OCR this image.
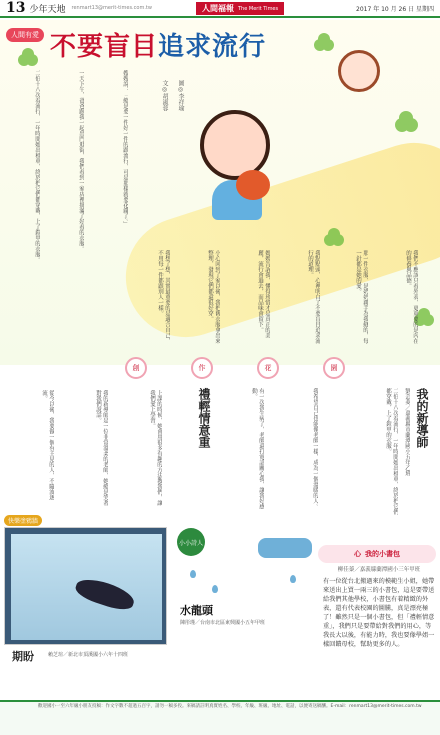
13 少年天地 renmart13@merit-times.com.tw	人間福報 The Merit Times	2017 年 10 月 26 日 星期四
人間有愛 不要盲目追求流行
文◎胡淑蓉 圖◎李祥瑜
二伯十八次看流行，一年時間她出租車，終於把它們都穿戴，上了鎧甲的衣服。	一天下午，爸爸跟我一起出門逛街，我們看到一家店裡掛滿了好看的衣服。	嫂嫂說：「總是要一件好一件的跟流行，可是那樣就要花錢了。」
我想了想，其實最重要的是適合自己，不用每一件都跟別人一樣。	小心回到了家以後，我把舊衣服拿出來整理，發現它們都還很好穿。	媽媽告訴我，懂得珍惜才是真正的美麗，流行會過去，而品味會留下。	我點點頭，心裡明白了不要盲目追求流行的道理。	那一件衣服，是奶奶親手為我縫的，每一針都是她的愛。	我們不應該只看外表，更重要的是內在的修養與品德。
創	作	花	園
從今以後，我要做一個有主見的人，不隨波逐流。	我的新導師是一位非常溫柔的老師，她總是笑著對我們說話。	上課的時候，她會用很多有趣的方法教我們，讓我們愛上學習。	禮輕情意重	有一次我生病了，老師還打電話關心我，讓我好感動。	我希望自己也能像老師一樣，成為一個溫暖的人。	我的新導師
劉芸菱／嘉義縣市蘭潭國小五年乙班
二伯十八次看流行，一年時間她出租車，終於把它們都穿戴，上了鎧甲的衣服。
快樂塗鴉牆
期盼	賴芝瑄／新北市頂溪國小六年十四班
小小詩人
水龍頭
陳彤瑾／台南市北區東興國小五年甲班
心 我的小書包
柳佳蓁／嘉義縣蘭潭國小三年甲班
有一位從台北搬過來的模範生小姐，她帶來送出上買一兩三的小書包，這是要帶送給我們其他學校，小書包有着精緻的外表，還有代表校園的圖騰，真是漂亮極了！雖然只是一個小書包，但「禮輕情意重」，我們只是要帶給對我們的用心，等我長大以後，有能力時，我也要像學姐一樣回饋母校，幫助更多的人。
歡迎國小一至六年級小朋友投稿：作文字數不超過五百字，請勿一稿多投。來稿請註明真實姓名、學校、年級、班級、地址、電話，以便寄送稿酬。E-mail：renmart13@merit-times.com.tw
